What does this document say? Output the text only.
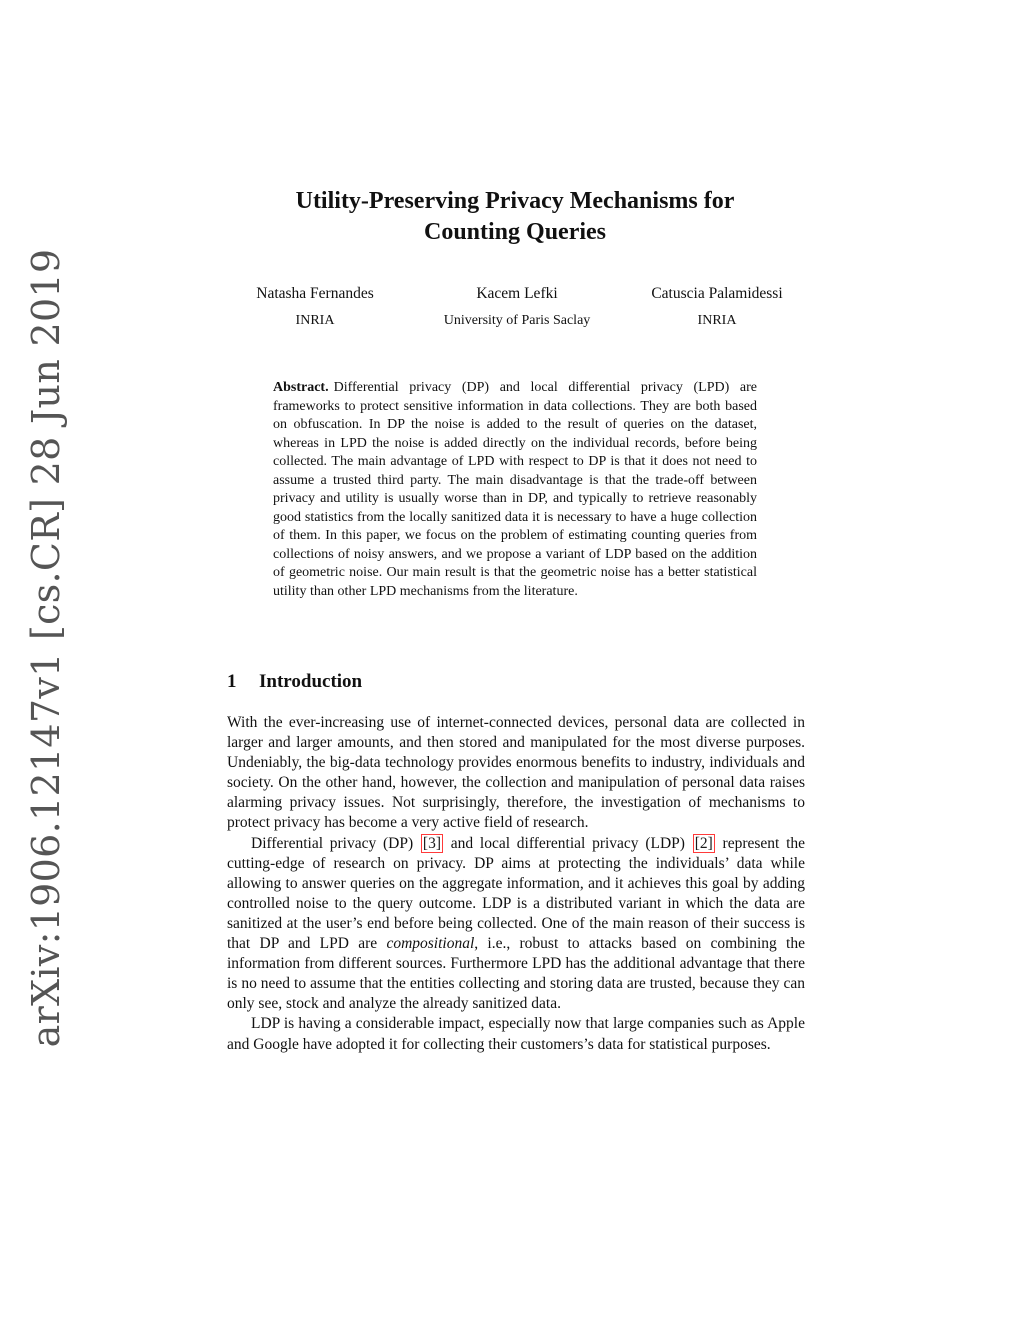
arXiv:1906.12147v1 [cs.CR] 28 Jun 2019
Utility-Preserving Privacy Mechanisms for
Counting Queries
Natasha Fernandes
INRIA
Kacem Lefki
University of Paris Saclay
Catuscia Palamidessi
INRIA
Abstract. Differential privacy (DP) and local differential privacy (LPD) are frameworks to protect sensitive information in data collections. They are both based on obfuscation. In DP the noise is added to the result of queries on the dataset, whereas in LPD the noise is added directly on the individual records, before being collected. The main advantage of LPD with respect to DP is that it does not need to assume a trusted third party. The main disadvantage is that the trade-off between privacy and utility is usually worse than in DP, and typically to retrieve reasonably good statistics from the locally sanitized data it is necessary to have a huge collection of them. In this paper, we focus on the problem of estimating counting queries from collections of noisy answers, and we propose a variant of LDP based on the addition of geometric noise. Our main result is that the geometric noise has a better statistical utility than other LPD mechanisms from the literature.
1 Introduction

With the ever-increasing use of internet-connected devices, personal data are collected in larger and larger amounts, and then stored and manipulated for the most diverse purposes. Undeniably, the big-data technology provides enormous benefits to industry, individuals and society. On the other hand, however, the collection and manipulation of personal data raises alarming privacy issues. Not surprisingly, therefore, the investigation of mechanisms to protect privacy has become a very active field of research.

Differential privacy (DP) [3] and local differential privacy (LDP) [2] represent the cutting-edge of research on privacy. DP aims at protecting the individuals’ data while allowing to answer queries on the aggregate information, and it achieves this goal by adding controlled noise to the query outcome. LDP is a distributed variant in which the data are sanitized at the user’s end before being collected. One of the main reason of their success is that DP and LPD are compositional, i.e., robust to attacks based on combining the information from different sources. Furthermore LPD has the additional advantage that there is no need to assume that the entities collecting and storing data are trusted, because they can only see, stock and analyze the already sanitized data.

LDP is having a considerable impact, especially now that large companies such as Apple and Google have adopted it for collecting their customers’s data for statistical purposes.
